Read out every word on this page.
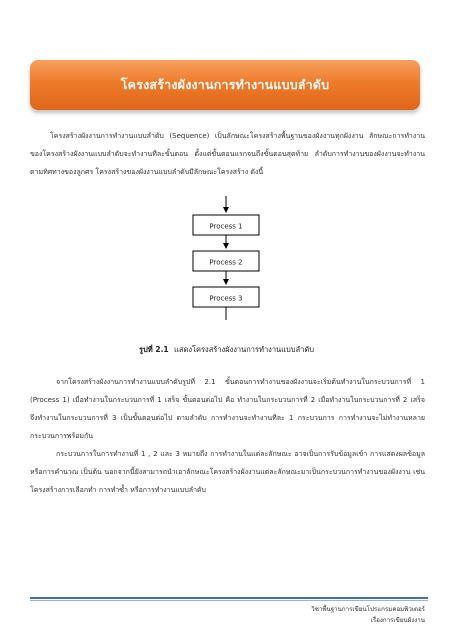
โครงสร้างผังงานการทำงานแบบลำดับ

โครงสร้างผังงานการทำงานแบบลำดับ (Sequence) เป็นลักษณะโครงสร้างพื้นฐานของผังงานทุกผังงาน ลักษณะการทำงานของโครงสร้างผังงานแบบลำดับจะทำงานทีละขั้นตอน ตั้งแต่ขั้นตอนแรกจนถึงขั้นตอนสุดท้าย ลำดับการทำงานของผังงานจะทำงานตามทิศทางของลูกศร โครงสร้างของผังงานแบบลำดับมีลักษณะโครงสร้าง ดังนี้

Process 1
Process 2
Process 3
รูปที่ 2.1 แสดงโครงสร้างผังงานการทำงานแบบลำดับ

จากโครงสร้างผังงานการทำงานแบบลำดับรูปที่ 2.1 ขั้นตอนการทำงานของผังงานจะเริ่มต้นทำงานในกระบวนการที่ 1 (Process 1) เมื่อทำงานในกระบวนการที่ 1 เสร็จ ขั้นตอนต่อไป คือ ทำงานในกระบวนการที่ 2 เมื่อทำงานในกระบวนการที่ 2 เสร็จ จึงทำงานในกระบวนการที่ 3 เป็นขั้นตอนต่อไป ตามลำดับ การทำงานจะทำงานทีละ 1 กระบวนการ การทำงานจะไม่ทำงานหลายกระบวนการพร้อมกัน

กระบวนการในการทำงานที่ 1 , 2 และ 3 หมายถึง การทำงานในแต่ละลักษณะ อาจเป็นการรับข้อมูลเข้า การแสดงผลข้อมูล หรือการคำนวณ เป็นต้น นอกจากนี้ยังสามารถนำเอาลักษณะโครงสร้างผังงานแต่ละลักษณะมาเป็นกระบวนการทำงานของผังงาน เช่น โครงสร้างการเลือกทำ การทำซ้ำ หรือการทำงานแบบลำดับ

วิชาพื้นฐานการเขียนโปรแกรมคอมพิวเตอร์
เรื่องการเขียนผังงาน
